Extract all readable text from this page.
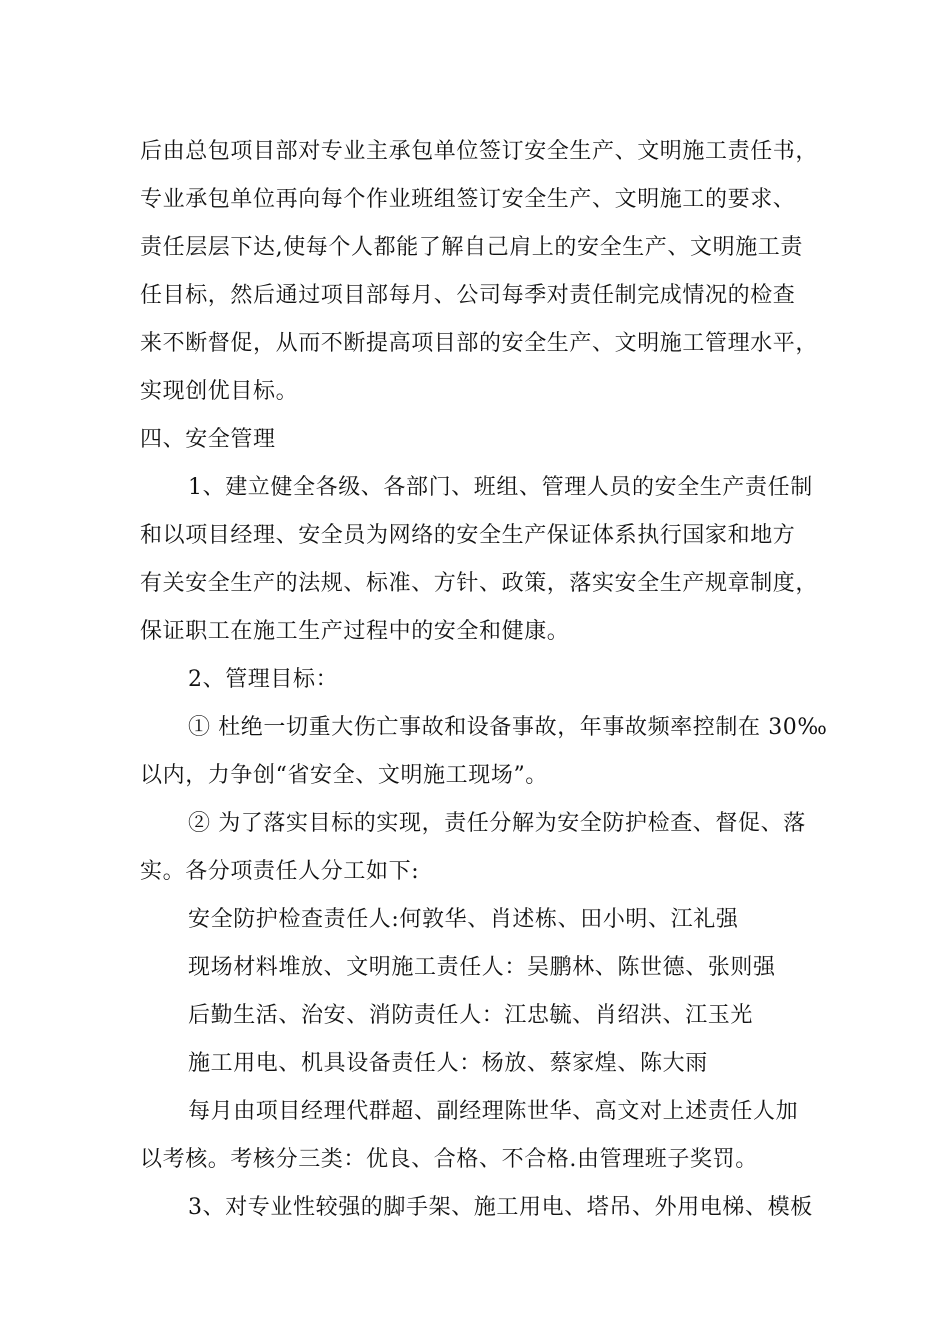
后由总包项目部对专业主承包单位签订安全生产、文明施工责任书，
专业承包单位再向每个作业班组签订安全生产、文明施工的要求、
责任层层下达,使每个人都能了解自己肩上的安全生产、文明施工责
任目标，然后通过项目部每月、公司每季对责任制完成情况的检查
来不断督促，从而不断提高项目部的安全生产、文明施工管理水平，
实现创优目标。
四、安全管理
1、建立健全各级、各部门、班组、管理人员的安全生产责任制
和以项目经理、安全员为网络的安全生产保证体系执行国家和地方
有关安全生产的法规、标准、方针、政策，落实安全生产规章制度，
保证职工在施工生产过程中的安全和健康。
2、管理目标：
① 杜绝一切重大伤亡事故和设备事故，年事故频率控制在 30‰
以内，力争创“省安全、文明施工现场”。
② 为了落实目标的实现，责任分解为安全防护检查、督促、落
实。各分项责任人分工如下:
安全防护检查责任人:何敦华、肖述栋、田小明、江礼强
现场材料堆放、文明施工责任人：吴鹏林、陈世德、张则强
后勤生活、治安、消防责任人：江忠毓、肖绍洪、江玉光
施工用电、机具设备责任人：杨放、蔡家煌、陈大雨
每月由项目经理代群超、副经理陈世华、高文对上述责任人加
以考核。考核分三类：优良、合格、不合格.由管理班子奖罚。
3、对专业性较强的脚手架、施工用电、塔吊、外用电梯、模板
